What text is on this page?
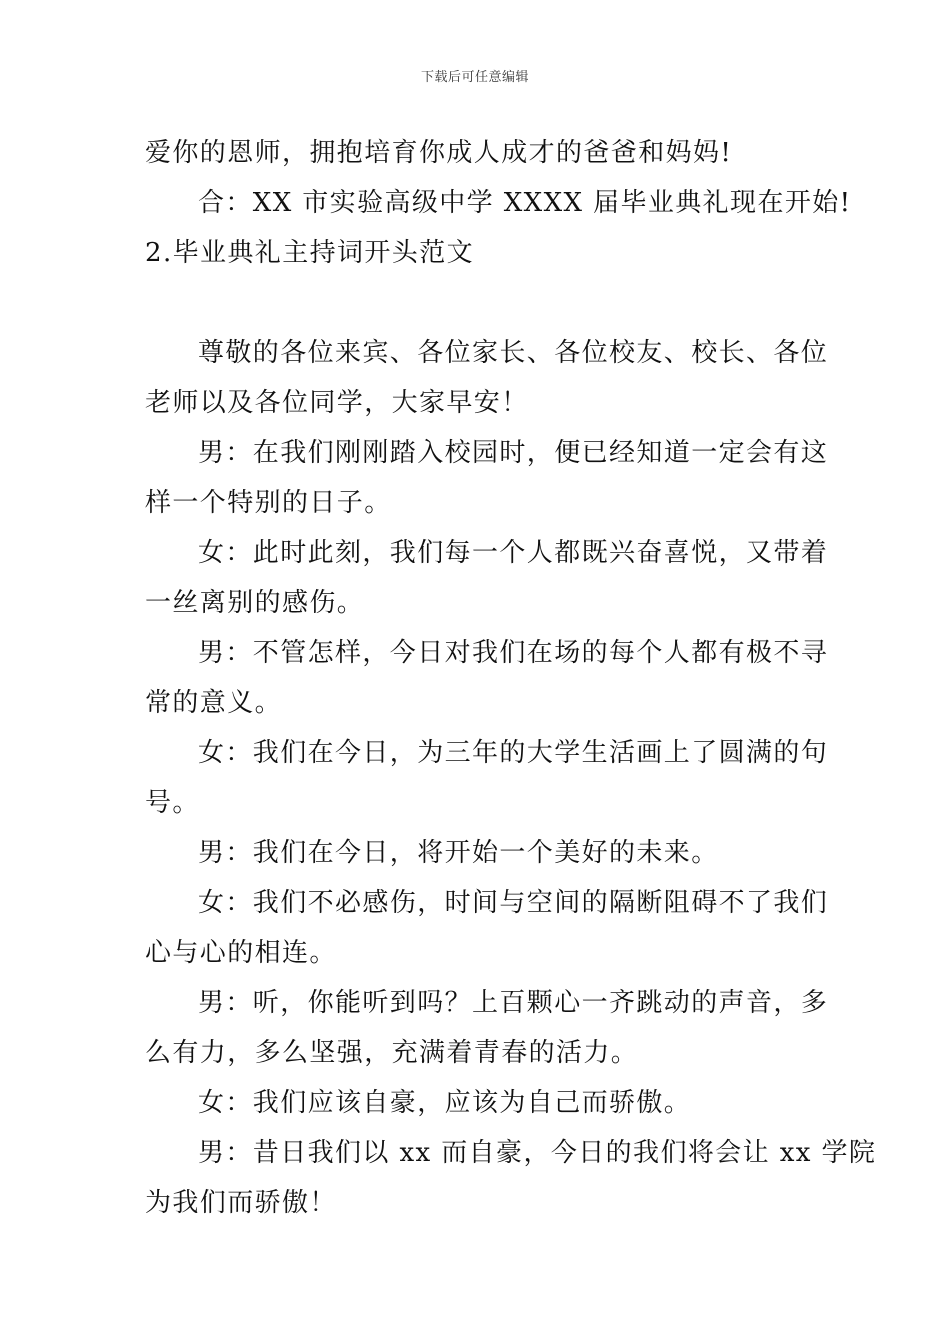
下载后可任意编辑
爱你的恩师，拥抱培育你成人成才的爸爸和妈妈!
合：XX 市实验高级中学 XXXX 届毕业典礼现在开始!
2.毕业典礼主持词开头范文
尊敬的各位来宾、各位家长、各位校友、校长、各位
老师以及各位同学，大家早安！
男：在我们刚刚踏入校园时，便已经知道一定会有这
样一个特别的日子。
女：此时此刻，我们每一个人都既兴奋喜悦，又带着
一丝离别的感伤。
男：不管怎样，今日对我们在场的每个人都有极不寻
常的意义。
女：我们在今日，为三年的大学生活画上了圆满的句
号。
男：我们在今日，将开始一个美好的未来。
女：我们不必感伤，时间与空间的隔断阻碍不了我们
心与心的相连。
男：听，你能听到吗？上百颗心一齐跳动的声音，多
么有力，多么坚强，充满着青春的活力。
女：我们应该自豪，应该为自己而骄傲。
男：昔日我们以 xx 而自豪，今日的我们将会让 xx 学院
为我们而骄傲！
